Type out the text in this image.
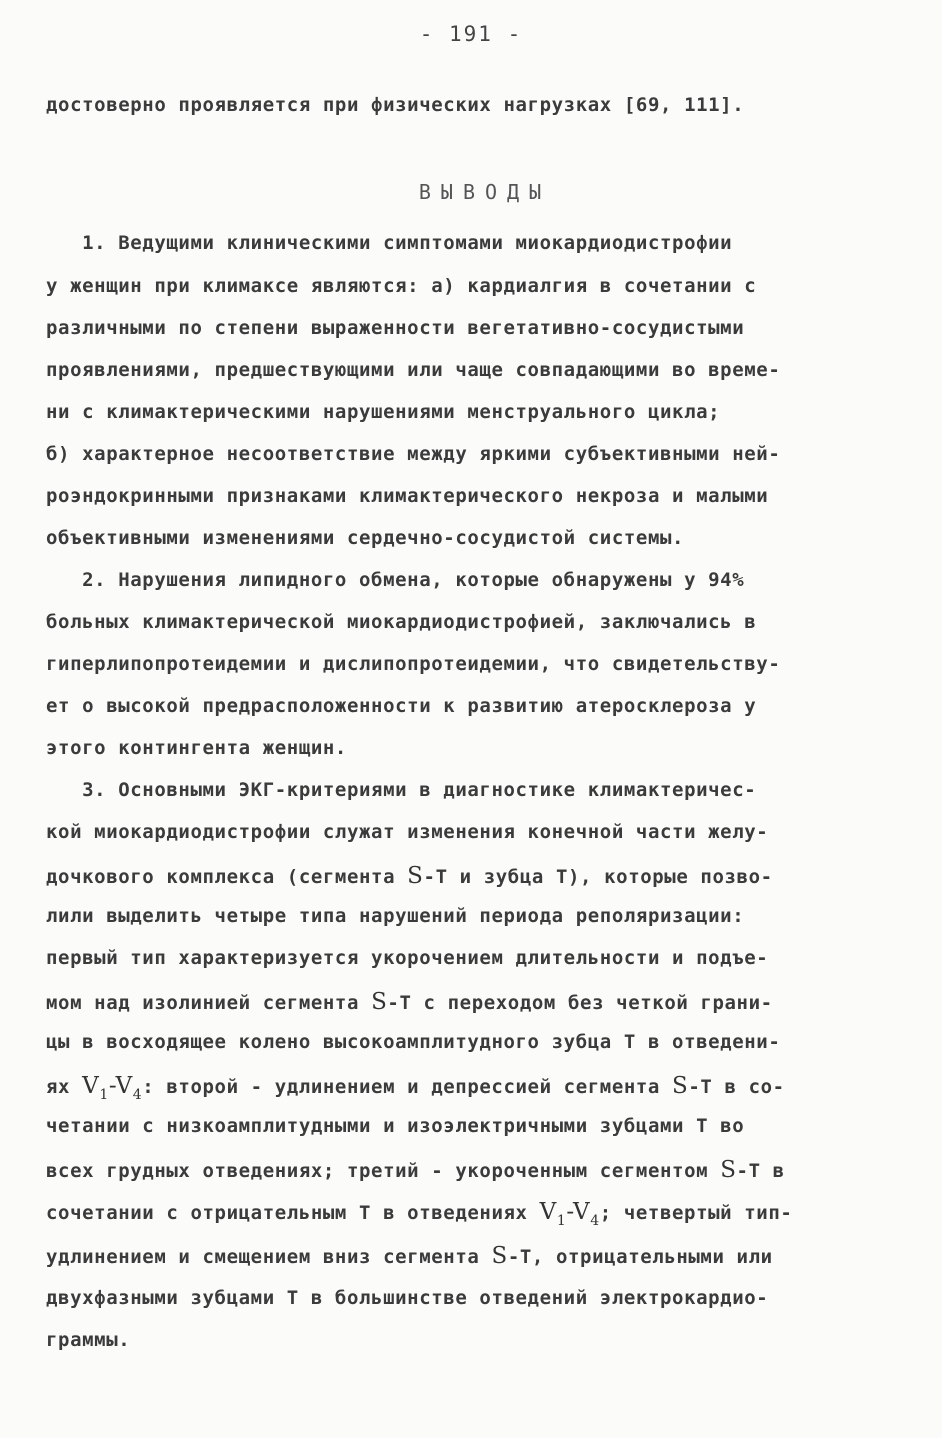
- 191 -
достоверно проявляется при физических нагрузках [69, 111].
ВЫВОДЫ
1. Ведущими клиническими симптомами миокардиодистрофии
у женщин при климаксе являются: а) кардиалгия в сочетании с
различными по степени выраженности вегетативно-сосудистыми
проявлениями, предшествующими или чаще совпадающими во време-
ни с климактерическими нарушениями менструального цикла;
б) характерное несоответствие между яркими субъективными ней-
роэндокринными признаками климактерического некроза и малыми
объективными изменениями сердечно-сосудистой системы.
2. Нарушения липидного обмена, которые обнаружены у 94%
больных климактерической миокардиодистрофией, заключались в
гиперлипопротеидемии и дислипопротеидемии, что свидетельству-
ет о высокой предрасположенности к развитию атеросклероза у
этого контингента женщин.
3. Основными ЭКГ-критериями в диагностике климактеричес-
кой миокардиодистрофии служат изменения конечной части желу-
дочкового комплекса (сегмента S-T и зубца T), которые позво-
лили выделить четыре типа нарушений периода реполяризации:
первый тип характеризуется укорочением длительности и подъе-
мом над изолинией сегмента S-T с переходом без четкой грани-
цы в восходящее колено высокоамплитудного зубца T в отведени-
ях $V_1-V_4$: второй - удлинением и депрессией сегмента S-T в со-
четании с низкоамплитудными и изоэлектричными зубцами T во
всех грудных отведениях; третий - укороченным сегментом S-T в
сочетании с отрицательным T в отведениях $V_1-V_4$; четвертый тип-
удлинением и смещением вниз сегмента S-T, отрицательными или
двухфазными зубцами T в большинстве отведений электрокардио-
граммы.
